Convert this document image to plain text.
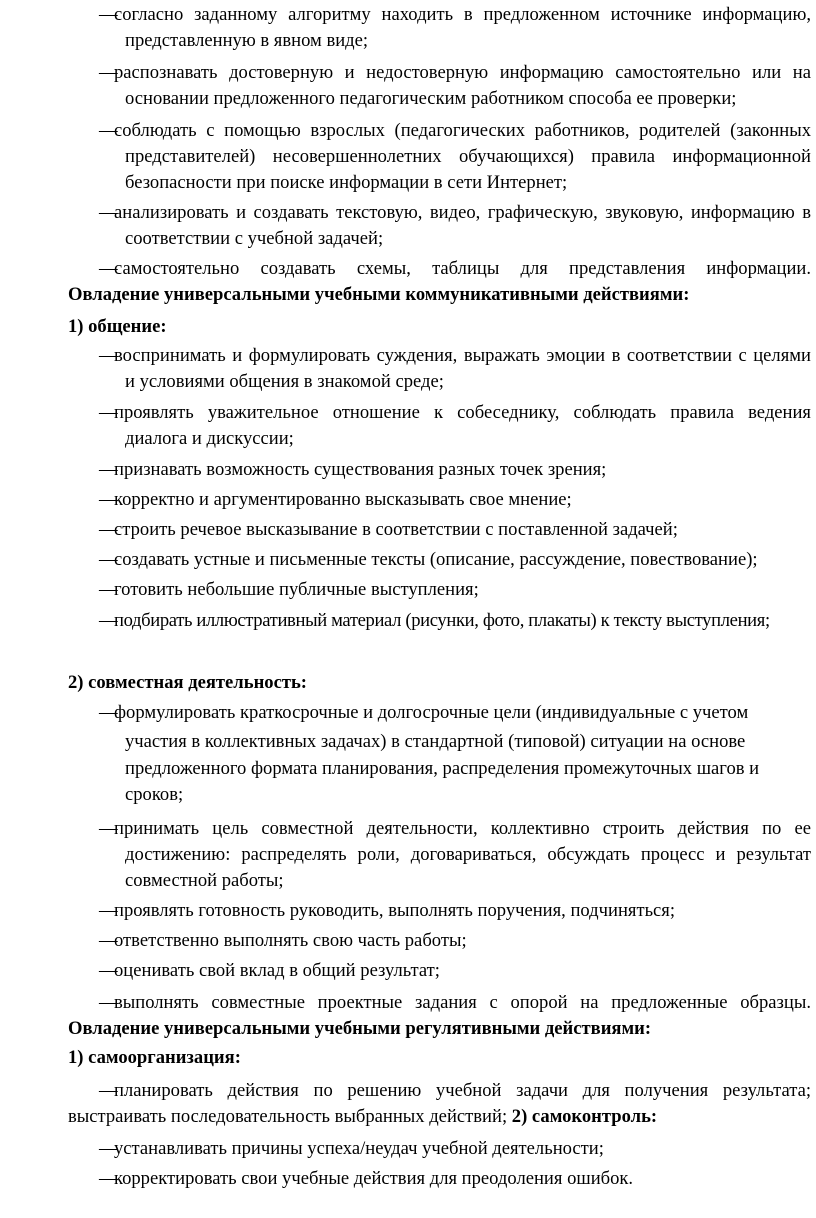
―
согласно заданному алгоритму находить в предложенном источнике информацию,
представленную в явном виде;
―
распознавать достоверную и недостоверную информацию самостоятельно или на
основании предложенного педагогическим работником способа ее проверки;
―
соблюдать с помощью взрослых (педагогических работников, родителей (законных
представителей) несовершеннолетних обучающихся) правила информационной безопасности при поиске информации в сети Интернет;
―
анализировать и создавать текстовую, видео, графическую, звуковую, информацию в
соответствии с учебной задачей;
―
самостоятельно создавать схемы, таблицы для представления информации.
Овладение универсальными учебными коммуникативными действиями:
1) общение:
―
воспринимать и формулировать суждения, выражать эмоции в соответствии с целями
и условиями общения в знакомой среде;
―
проявлять уважительное отношение к собеседнику, соблюдать правила ведения
диалога и дискуссии;
―
признавать возможность существования разных точек зрения;
―
корректно и аргументированно высказывать свое мнение;
―
строить речевое высказывание в соответствии с поставленной задачей;
―
создавать устные и письменные тексты (описание, рассуждение, повествование);
―
готовить небольшие публичные выступления;
―
подбирать иллюстративный материал (рисунки, фото, плакаты) к тексту выступления;
2) совместная деятельность:
―
формулировать краткосрочные и долгосрочные цели (индивидуальные с учетом
участия в коллективных задачах) в стандартной (типовой) ситуации на основе предложенного формата планирования, распределения промежуточных шагов и сроков;
―
принимать цель совместной деятельности, коллективно строить действия по ее
достижению: распределять роли, договариваться, обсуждать процесс и результат совместной работы;
―
проявлять готовность руководить, выполнять поручения, подчиняться;
―
ответственно выполнять свою часть работы;
―
оценивать свой вклад в общий результат;
―
выполнять совместные проектные задания с опорой на предложенные образцы.
Овладение универсальными учебными регулятивными действиями:
1) самоорганизация:
―
планировать действия по решению учебной задачи для получения результата;
выстраивать последовательность выбранных действий; 2) самоконтроль:
―
устанавливать причины успеха/неудач учебной деятельности;
―
корректировать свои учебные действия для преодоления ошибок.
